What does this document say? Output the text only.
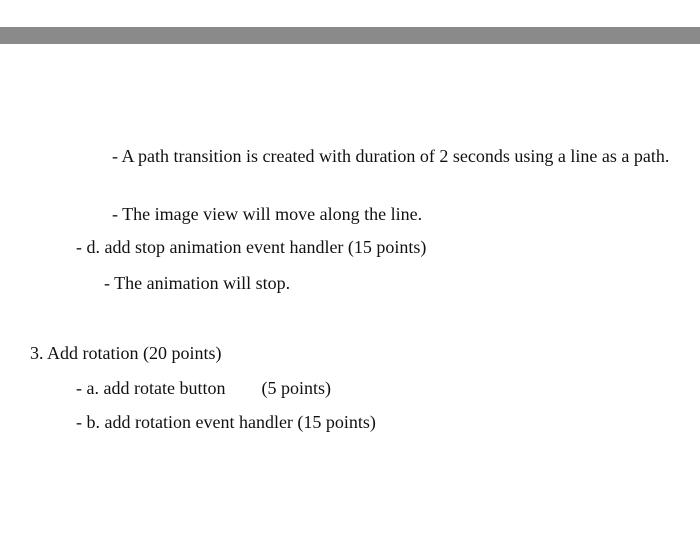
- A path transition is created with duration of 2 seconds using a line as a path.
- The image view will move along the line.
- d. add stop animation event handler (15 points)
- The animation will stop.
3. Add rotation (20 points)
- a. add rotate button (5 points)
- b. add rotation event handler (15 points)
